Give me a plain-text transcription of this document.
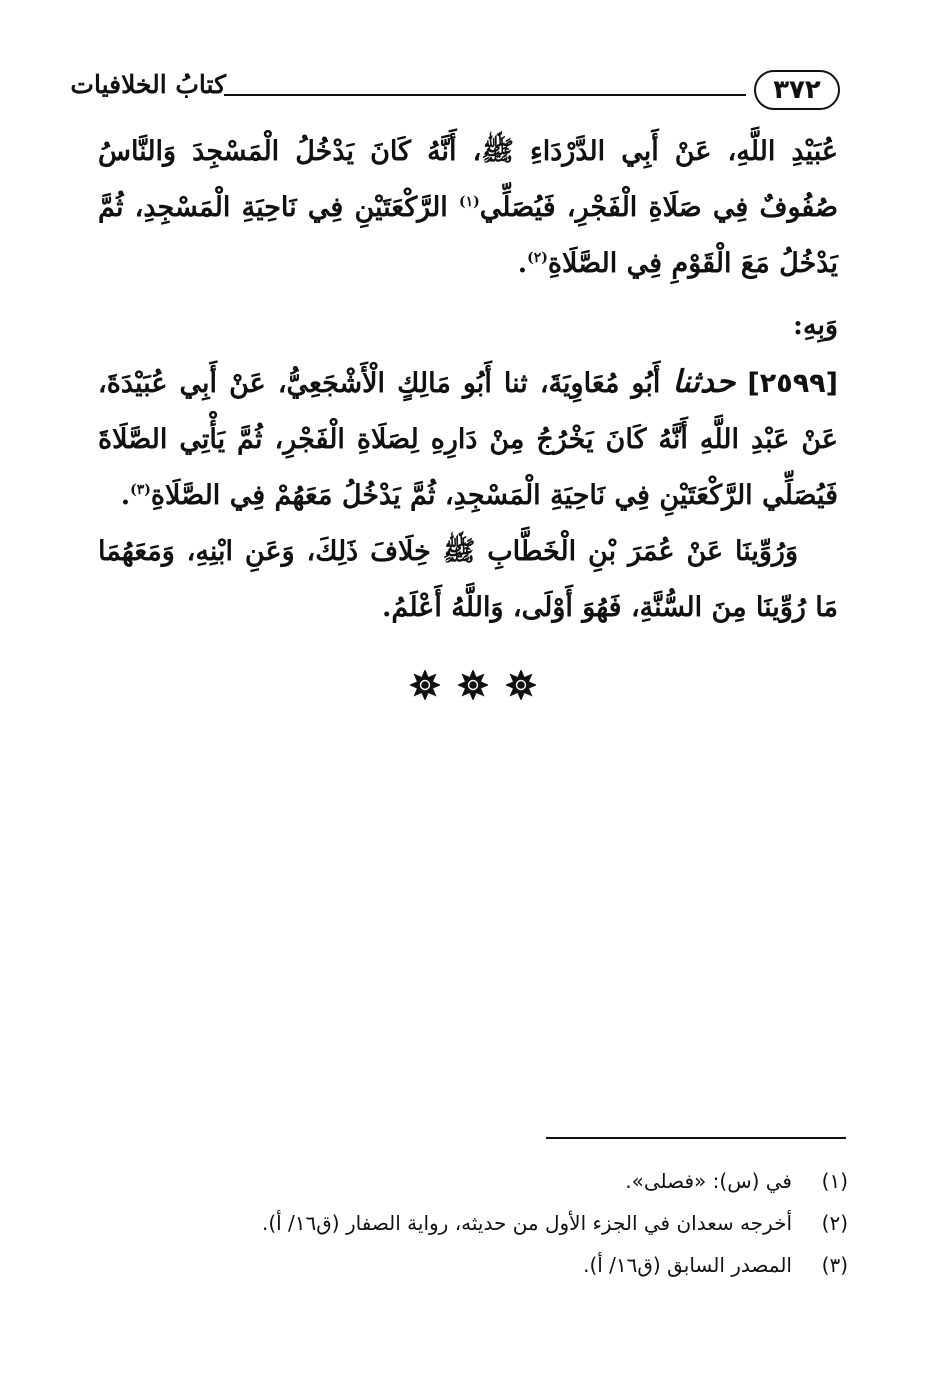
٣٧٢
كتابُ الخلافيات

عُبَيْدِ اللَّهِ، عَنْ أَبِي الدَّرْدَاءِ ﷺ، أَنَّهُ كَانَ يَدْخُلُ الْمَسْجِدَ وَالنَّاسُ صُفُوفٌ فِي صَلَاةِ الْفَجْرِ، فَيُصَلِّي$^{(١)}$ الرَّكْعَتَيْنِ فِي نَاحِيَةِ الْمَسْجِدِ، ثُمَّ يَدْخُلُ مَعَ الْقَوْمِ فِي الصَّلَاةِ$^{(٢)}$.

وَبِهِ:

[٢٥٩٩] حدثنا أَبُو مُعَاوِيَةَ، ثنا أَبُو مَالِكٍ الْأَشْجَعِيُّ، عَنْ أَبِي عُبَيْدَةَ، عَنْ عَبْدِ اللَّهِ أَنَّهُ كَانَ يَخْرُجُ مِنْ دَارِهِ لِصَلَاةِ الْفَجْرِ، ثُمَّ يَأْتِي الصَّلَاةَ فَيُصَلِّي الرَّكْعَتَيْنِ فِي نَاحِيَةِ الْمَسْجِدِ، ثُمَّ يَدْخُلُ مَعَهُمْ فِي الصَّلَاةِ$^{(٣)}$.

وَرُوِّينَا عَنْ عُمَرَ بْنِ الْخَطَّابِ ﷺ خِلَافَ ذَلِكَ، وَعَنِ ابْنِهِ، وَمَعَهُمَا مَا رُوِّينَا مِنَ السُّنَّةِ، فَهُوَ أَوْلَى، وَاللَّهُ أَعْلَمُ.

(١)
في (س): «فصلى».
(٢)
أخرجه سعدان في الجزء الأول من حديثه، رواية الصفار (ق١٦/ أ).
(٣)
المصدر السابق (ق١٦/ أ).
